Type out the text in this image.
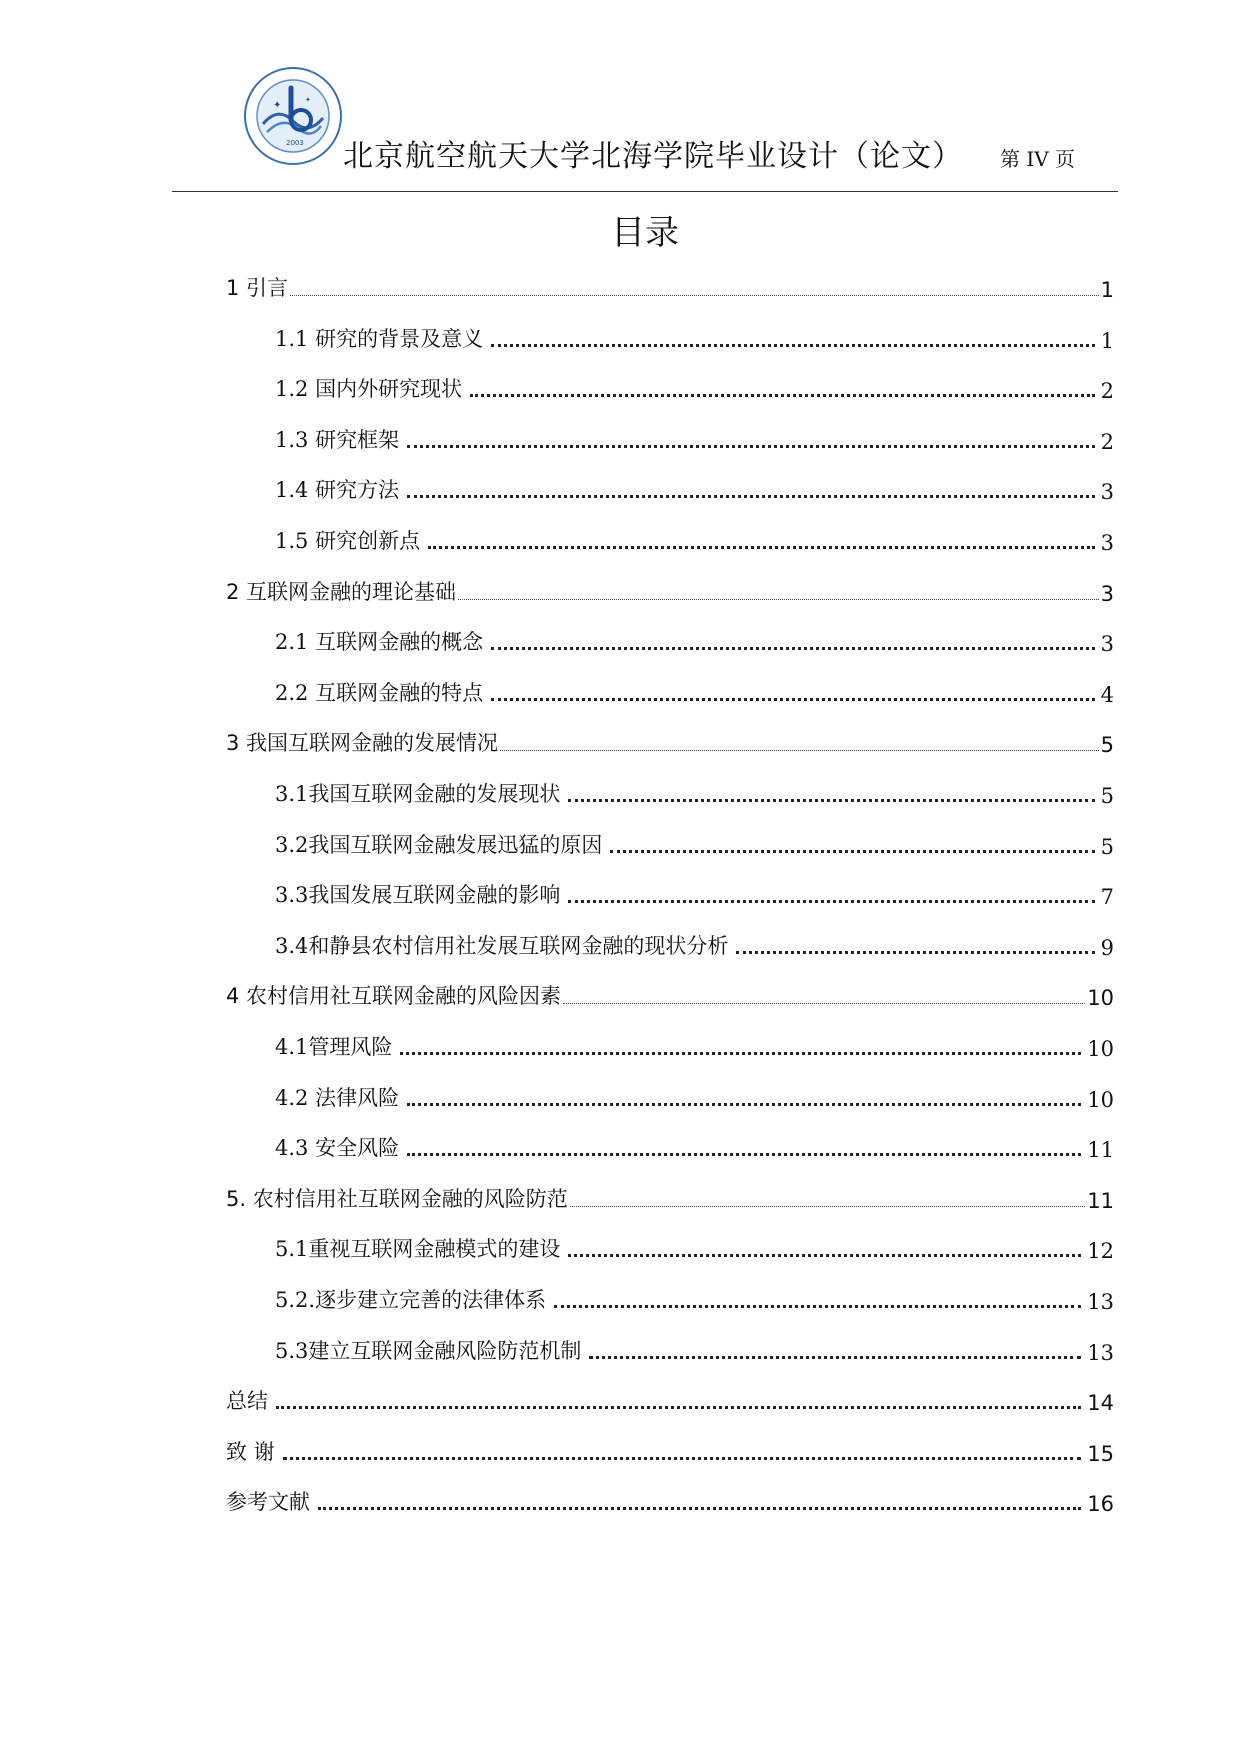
✦	✦
2003 北京航空航天大学北海学院毕业设计（论文） 第 IV 页
目录
1 引言	1
1.1 研究的背景及意义	1
1.2 国内外研究现状	2
1.3 研究框架	2
1.4 研究方法	3
1.5 研究创新点	3
2 互联网金融的理论基础	3
2.1 互联网金融的概念	3
2.2 互联网金融的特点	4
3 我国互联网金融的发展情况	5
3.1我国互联网金融的发展现状	5
3.2我国互联网金融发展迅猛的原因	5
3.3我国发展互联网金融的影响	7
3.4和静县农村信用社发展互联网金融的现状分析	9
4 农村信用社互联网金融的风险因素	10
4.1管理风险	10
4.2 法律风险	10
4.3 安全风险	11
5. 农村信用社互联网金融的风险防范	11
5.1重视互联网金融模式的建设	12
5.2.逐步建立完善的法律体系	13
5.3建立互联网金融风险防范机制	13
总结	14
致 谢	15
参考文献	16
